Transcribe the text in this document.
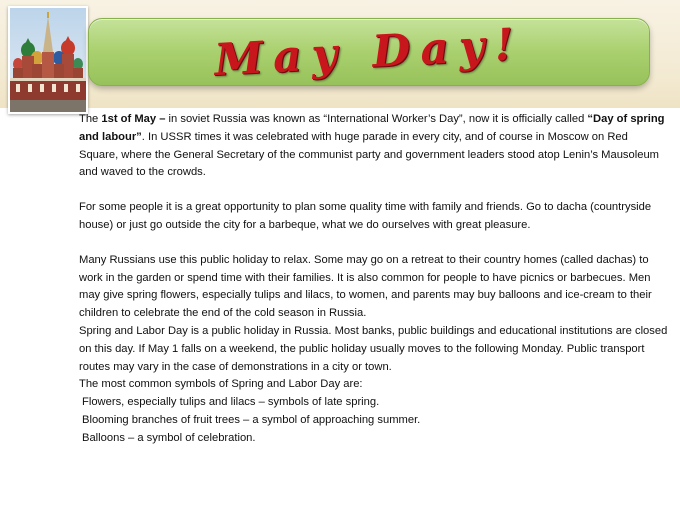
May Day!

The 1st of May – in soviet Russia was known as “International Worker’s Day”, now it is officially called “Day of spring and labour”. In USSR times it was celebrated with huge parade in every city, and of course in Moscow on Red Square, where the General Secretary of the communist party and government leaders stood atop Lenin’s Mausoleum and waved to the crowds.

For some people it is a great opportunity to plan some quality time with family and friends. Go to dacha (countryside house) or just go outside the city for a barbeque, what we do ourselves with great pleasure.

Many Russians use this public holiday to relax. Some may go on a retreat to their country homes (called dachas) to work in the garden or spend time with their families. It is also common for people to have picnics or barbecues. Men may give spring flowers, especially tulips and lilacs, to women, and parents may buy balloons and ice-cream to their children to celebrate the end of the cold season in Russia.

Spring and Labor Day is a public holiday in Russia. Most banks, public buildings and educational institutions are closed on this day. If May 1 falls on a weekend, the public holiday usually moves to the following Monday. Public transport routes may vary in the case of demonstrations in a city or town.

The most common symbols of Spring and Labor Day are:

Flowers, especially tulips and lilacs – symbols of late spring.

Blooming branches of fruit trees – a symbol of approaching summer.

Balloons – a symbol of celebration.
